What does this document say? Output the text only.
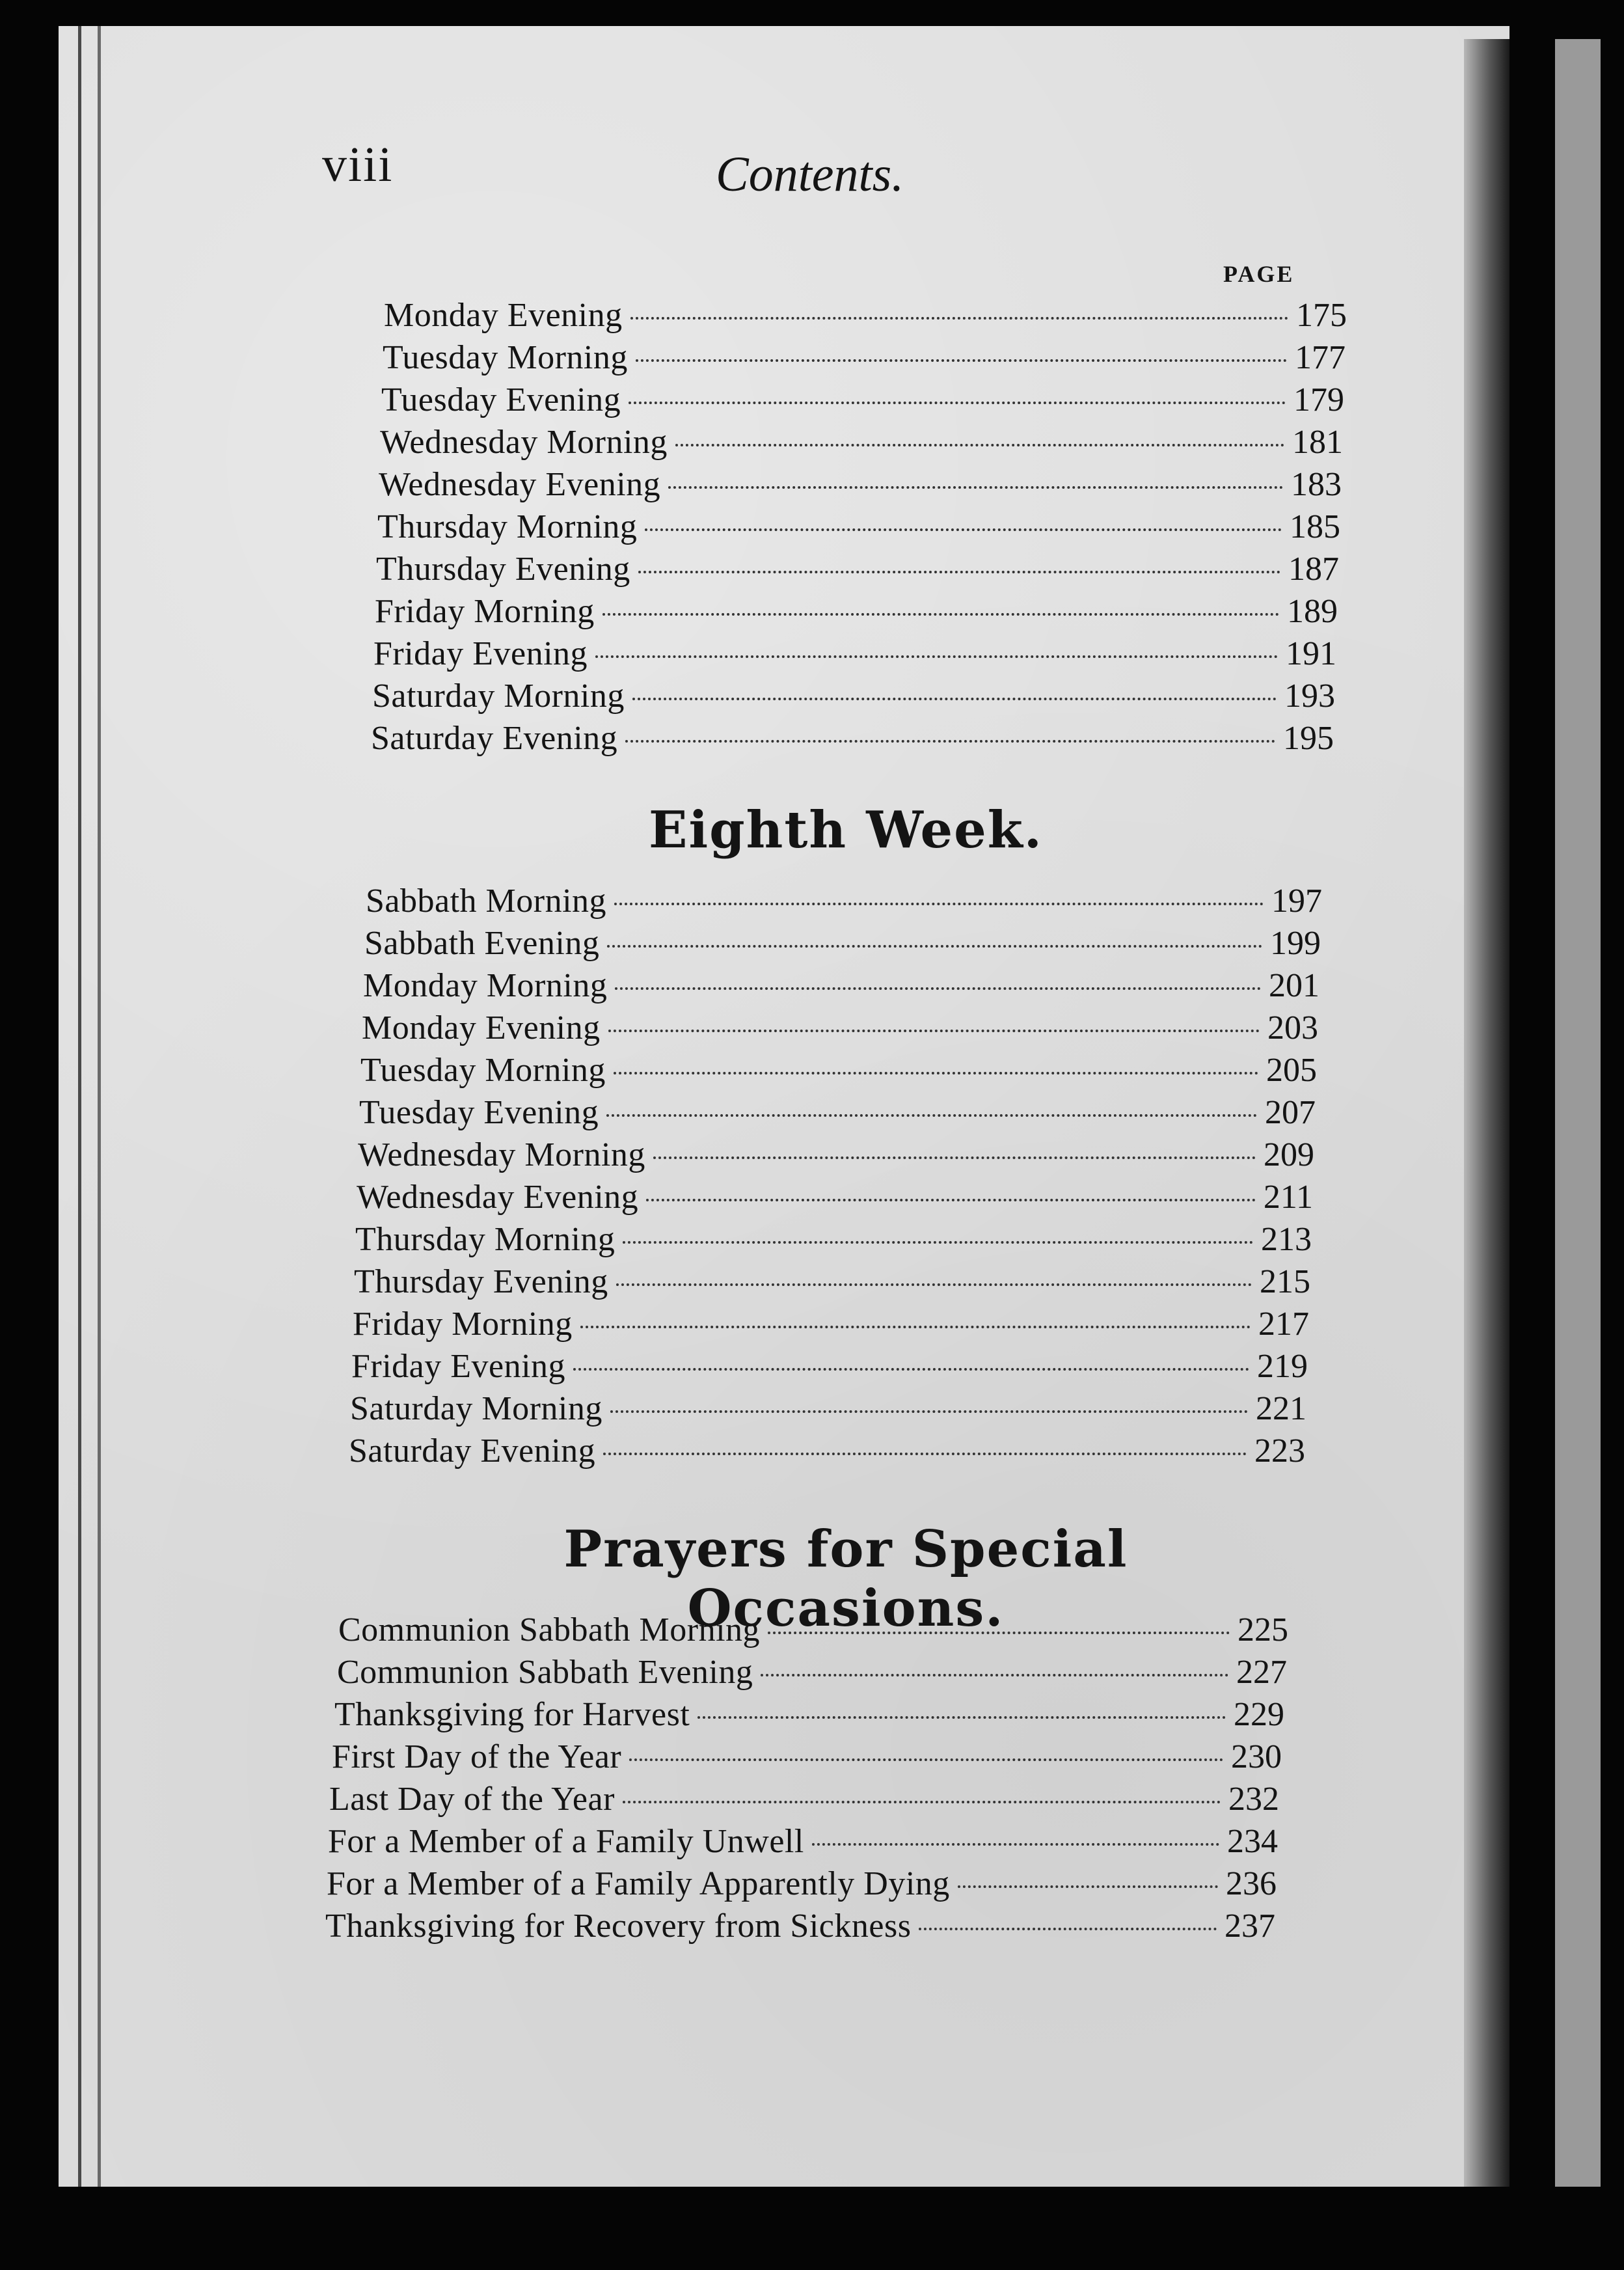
viii	Contents.
PAGE
Monday Evening	175
Tuesday Morning	177
Tuesday Evening	179
Wednesday Morning	181
Wednesday Evening	183
Thursday Morning	185
Thursday Evening	187
Friday Morning	189
Friday Evening	191
Saturday Morning	193
Saturday Evening	195
Eighth Week.
Sabbath Morning	197
Sabbath Evening	199
Monday Morning	201
Monday Evening	203
Tuesday Morning	205
Tuesday Evening	207
Wednesday Morning	209
Wednesday Evening	211
Thursday Morning	213
Thursday Evening	215
Friday Morning	217
Friday Evening	219
Saturday Morning	221
Saturday Evening	223
Prayers for Special Occasions.
Communion Sabbath Morning	225
Communion Sabbath Evening	227
Thanksgiving for Harvest	229
First Day of the Year	230
Last Day of the Year	232
For a Member of a Family Unwell	234
For a Member of a Family Apparently Dying	236
Thanksgiving for Recovery from Sickness	237
